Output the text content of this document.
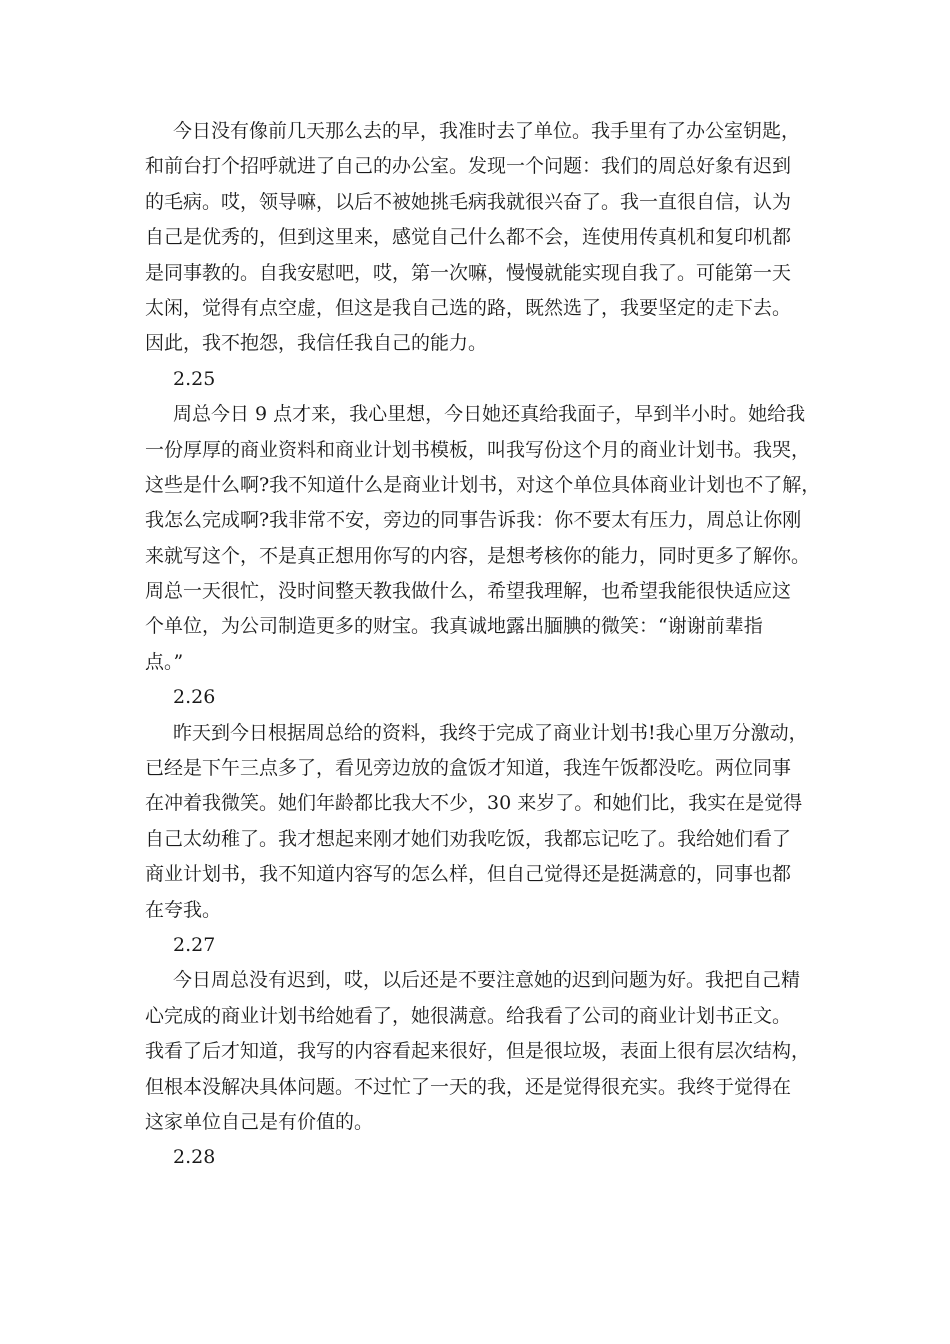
今日没有像前几天那么去的早，我准时去了单位。我手里有了办公室钥匙，
和前台打个招呼就进了自己的办公室。发现一个问题：我们的周总好象有迟到
的毛病。哎，领导嘛，以后不被她挑毛病我就很兴奋了。我一直很自信，认为
自己是优秀的，但到这里来，感觉自己什么都不会，连使用传真机和复印机都
是同事教的。自我安慰吧，哎，第一次嘛，慢慢就能实现自我了。可能第一天
太闲，觉得有点空虚，但这是我自己选的路，既然选了，我要坚定的走下去。
因此，我不抱怨，我信任我自己的能力。
2.25
周总今日 9 点才来，我心里想，今日她还真给我面子，早到半小时。她给我
一份厚厚的商业资料和商业计划书模板，叫我写份这个月的商业计划书。我哭，
这些是什么啊?我不知道什么是商业计划书，对这个单位具体商业计划也不了解，
我怎么完成啊?我非常不安，旁边的同事告诉我：你不要太有压力，周总让你刚
来就写这个，不是真正想用你写的内容，是想考核你的能力，同时更多了解你。
周总一天很忙，没时间整天教我做什么，希望我理解，也希望我能很快适应这
个单位，为公司制造更多的财宝。我真诚地露出腼腆的微笑：“谢谢前辈指
点。”
2.26
昨天到今日根据周总给的资料，我终于完成了商业计划书!我心里万分激动，
已经是下午三点多了，看见旁边放的盒饭才知道，我连午饭都没吃。两位同事
在冲着我微笑。她们年龄都比我大不少，30 来岁了。和她们比，我实在是觉得
自己太幼稚了。我才想起来刚才她们劝我吃饭，我都忘记吃了。我给她们看了
商业计划书，我不知道内容写的怎么样，但自己觉得还是挺满意的，同事也都
在夸我。
2.27
今日周总没有迟到，哎，以后还是不要注意她的迟到问题为好。我把自己精
心完成的商业计划书给她看了，她很满意。给我看了公司的商业计划书正文。
我看了后才知道，我写的内容看起来很好，但是很垃圾，表面上很有层次结构，
但根本没解决具体问题。不过忙了一天的我，还是觉得很充实。我终于觉得在
这家单位自己是有价值的。
2.28
